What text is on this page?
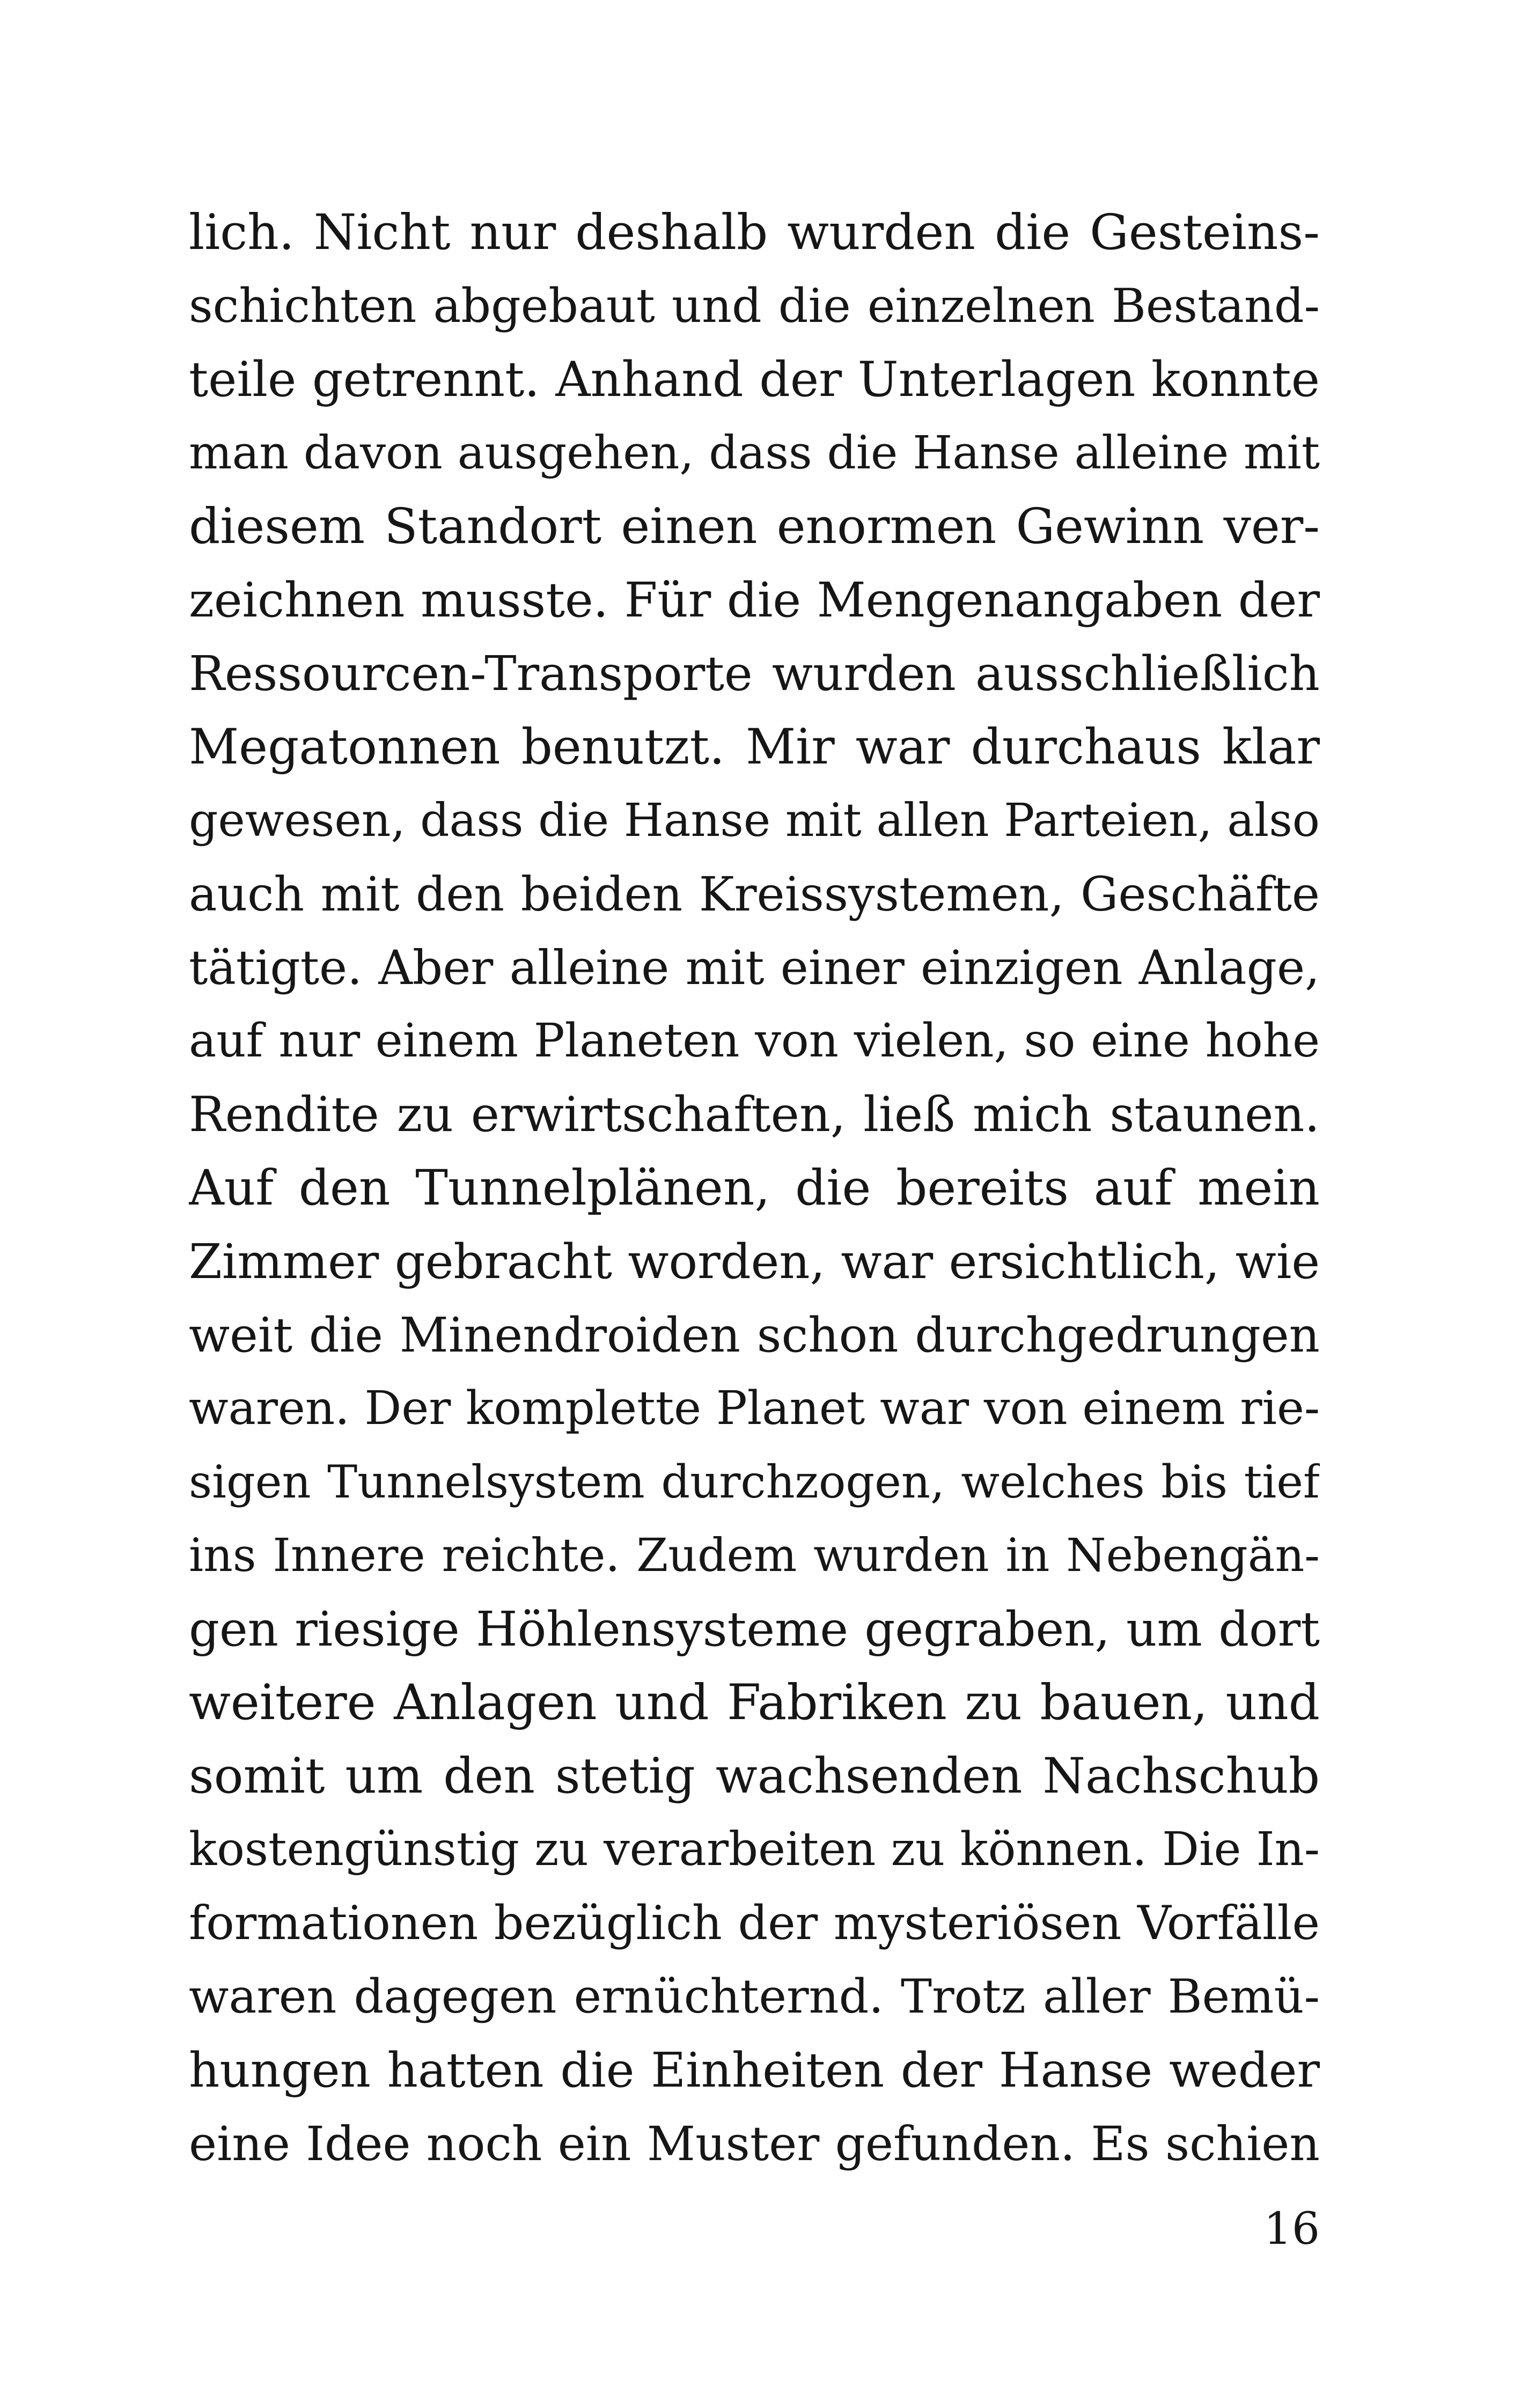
lich. Nicht nur deshalb wurden die Gesteins-
schichten abgebaut und die einzelnen Bestand-
teile getrennt. Anhand der Unterlagen konnte
man davon ausgehen, dass die Hanse alleine mit
diesem Standort einen enormen Gewinn ver-
zeichnen musste. Für die Mengenangaben der
Ressourcen-Transporte wurden ausschließlich
Megatonnen benutzt. Mir war durchaus klar
gewesen, dass die Hanse mit allen Parteien, also
auch mit den beiden Kreissystemen, Geschäfte
tätigte. Aber alleine mit einer einzigen Anlage,
auf nur einem Planeten von vielen, so eine hohe
Rendite zu erwirtschaften, ließ mich staunen.
Auf den Tunnelplänen, die bereits auf mein
Zimmer gebracht worden, war ersichtlich, wie
weit die Minendroiden schon durchgedrungen
waren. Der komplette Planet war von einem rie-
sigen Tunnelsystem durchzogen, welches bis tief
ins Innere reichte. Zudem wurden in Nebengän-
gen riesige Höhlensysteme gegraben, um dort
weitere Anlagen und Fabriken zu bauen, und
somit um den stetig wachsenden Nachschub
kostengünstig zu verarbeiten zu können. Die In-
formationen bezüglich der mysteriösen Vorfälle
waren dagegen ernüchternd. Trotz aller Bemü-
hungen hatten die Einheiten der Hanse weder
eine Idee noch ein Muster gefunden. Es schien
16
